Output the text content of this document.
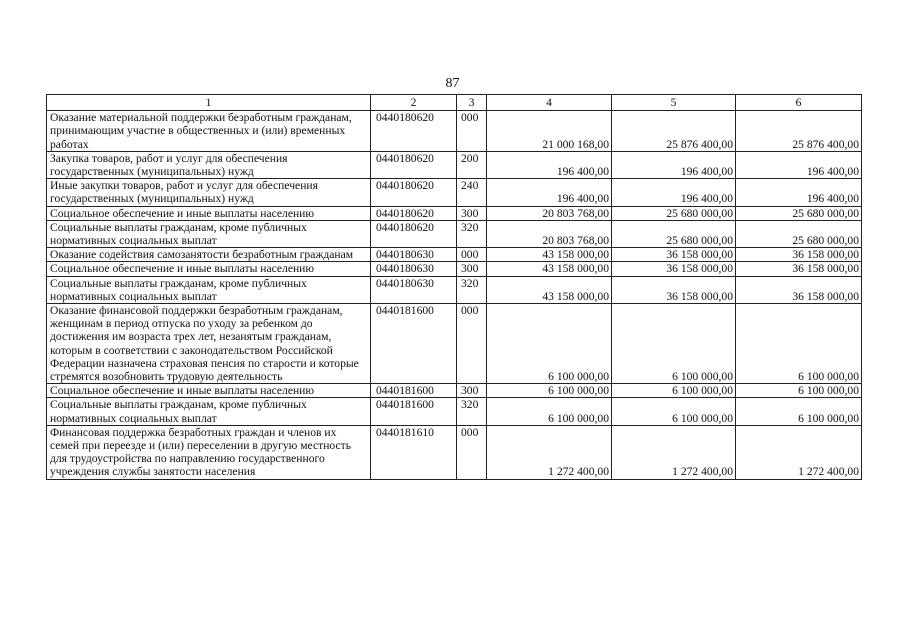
87
1	2	3	4	5	6
Оказание материальной поддержки безработным гражданам, принимающим участие в общественных и (или) временных работах	0440180620	000	21 000 168,00	25 876 400,00	25 876 400,00
Закупка товаров, работ и услуг для обеспечения государственных (муниципальных) нужд	0440180620	200	196 400,00	196 400,00	196 400,00
Иные закупки товаров, работ и услуг для обеспечения государственных (муниципальных) нужд	0440180620	240	196 400,00	196 400,00	196 400,00
Социальное обеспечение и иные выплаты населению	0440180620	300	20 803 768,00	25 680 000,00	25 680 000,00
Социальные выплаты гражданам, кроме публичных нормативных социальных выплат	0440180620	320	20 803 768,00	25 680 000,00	25 680 000,00
Оказание содействия самозанятости безработным гражданам	0440180630	000	43 158 000,00	36 158 000,00	36 158 000,00
Социальное обеспечение и иные выплаты населению	0440180630	300	43 158 000,00	36 158 000,00	36 158 000,00
Социальные выплаты гражданам, кроме публичных нормативных социальных выплат	0440180630	320	43 158 000,00	36 158 000,00	36 158 000,00
Оказание финансовой поддержки безработным гражданам, женщинам в период отпуска по уходу за ребенком до достижения им возраста трех лет, незанятым гражданам, которым в соответствии с законодательством Российской Федерации назначена страховая пенсия по старости и которые стремятся возобновить трудовую деятельность	0440181600	000	6 100 000,00	6 100 000,00	6 100 000,00
Социальное обеспечение и иные выплаты населению	0440181600	300	6 100 000,00	6 100 000,00	6 100 000,00
Социальные выплаты гражданам, кроме публичных нормативных социальных выплат	0440181600	320	6 100 000,00	6 100 000,00	6 100 000,00
Финансовая поддержка безработных граждан и членов их семей при переезде и (или) переселении в другую местность для трудоустройства по направлению государственного учреждения службы занятости населения	0440181610	000	1 272 400,00	1 272 400,00	1 272 400,00
